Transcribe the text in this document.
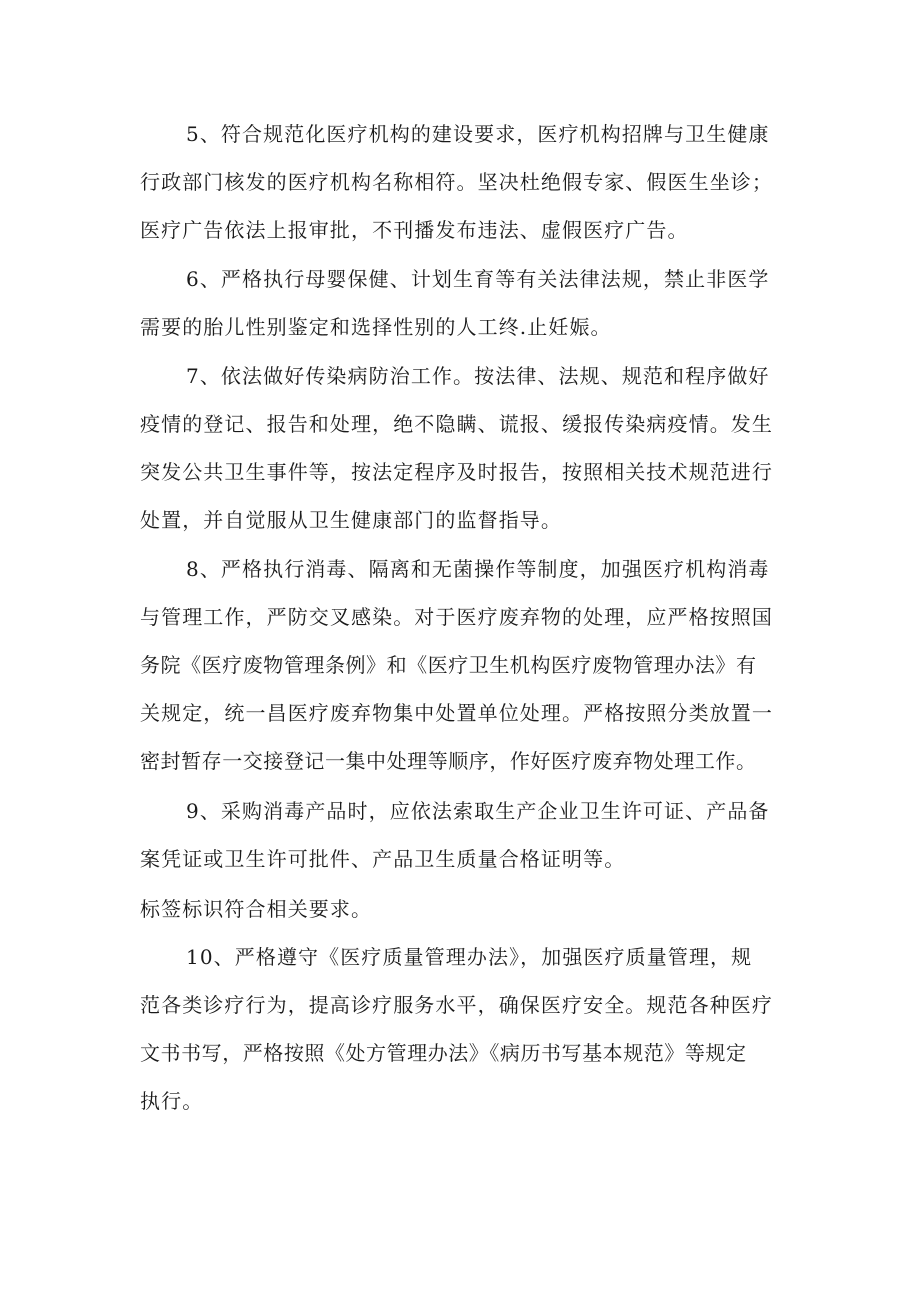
5、符合规范化医疗机构的建设要求，医疗机构招牌与卫生健康
行政部门核发的医疗机构名称相符。坚决杜绝假专家、假医生坐诊；
医疗广告依法上报审批，不刊播发布违法、虚假医疗广告。
6、严格执行母婴保健、计划生育等有关法律法规，禁止非医学
需要的胎儿性别鉴定和选择性别的人工终.止妊娠。
7、依法做好传染病防治工作。按法律、法规、规范和程序做好
疫情的登记、报告和处理，绝不隐瞒、谎报、缓报传染病疫情。发生
突发公共卫生事件等，按法定程序及时报告，按照相关技术规范进行
处置，并自觉服从卫生健康部门的监督指导。
8、严格执行消毒、隔离和无菌操作等制度，加强医疗机构消毒
与管理工作，严防交叉感染。对于医疗废弃物的处理，应严格按照国
务院《医疗废物管理条例》和《医疗卫生机构医疗废物管理办法》有
关规定，统一昌医疗废弃物集中处置单位处理。严格按照分类放置一
密封暂存一交接登记一集中处理等顺序，作好医疗废弃物处理工作。
9、采购消毒产品时，应依法索取生产企业卫生许可证、产品备
案凭证或卫生许可批件、产品卫生质量合格证明等。
标签标识符合相关要求。
10、严格遵守《医疗质量管理办法》，加强医疗质量管理，规
范各类诊疗行为，提高诊疗服务水平，确保医疗安全。规范各种医疗
文书书写，严格按照《处方管理办法》《病历书写基本规范》等规定
执行。
